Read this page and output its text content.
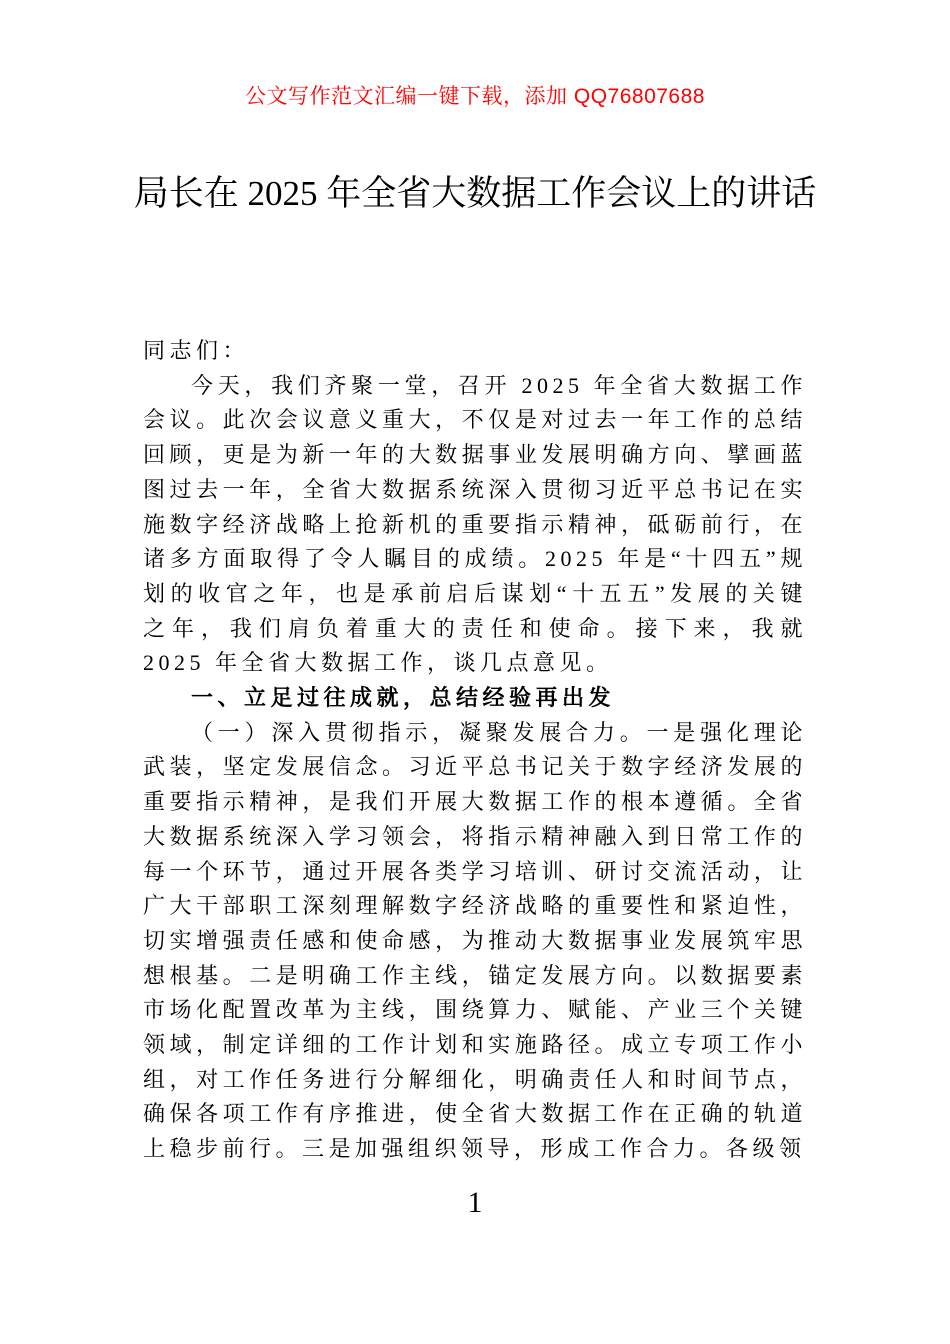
公文写作范文汇编一键下载，添加 QQ76807688
局长在 2025 年全省大数据工作会议上的讲话

同志们：

今天，我们齐聚一堂，召开 2025 年全省大数据工作会议。此次会议意义重大，不仅是对过去一年工作的总结回顾，更是为新一年的大数据事业发展明确方向、擘画蓝图过去一年，全省大数据系统深入贯彻习近平总书记在实施数字经济战略上抢新机的重要指示精神，砥砺前行，在诸多方面取得了令人瞩目的成绩。2025 年是“十四五”规划的收官之年，也是承前启后谋划“十五五”发展的关键之年，我们肩负着重大的责任和使命。接下来，我就 2025 年全省大数据工作，谈几点意见。

一、立足过往成就，总结经验再出发

（一）深入贯彻指示，凝聚发展合力。一是强化理论武装，坚定发展信念。习近平总书记关于数字经济发展的重要指示精神，是我们开展大数据工作的根本遵循。全省大数据系统深入学习领会，将指示精神融入到日常工作的每一个环节，通过开展各类学习培训、研讨交流活动，让广大干部职工深刻理解数字经济战略的重要性和紧迫性，切实增强责任感和使命感，为推动大数据事业发展筑牢思想根基。二是明确工作主线，锚定发展方向。以数据要素市场化配置改革为主线，围绕算力、赋能、产业三个关键领域，制定详细的工作计划和实施路径。成立专项工作小组，对工作任务进行分解细化，明确责任人和时间节点，确保各项工作有序推进，使全省大数据工作在正确的轨道上稳步前行。三是加强组织领导，形成工作合力。各级领

1
